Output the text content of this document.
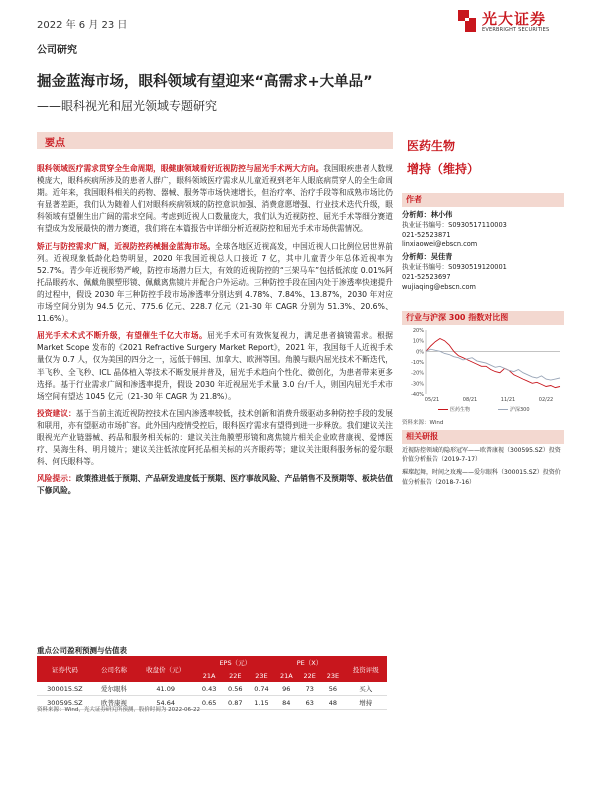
2022 年 6 月 23 日	光大证券
EVERBRIGHT SECURITIES
公司研究
掘金蓝海市场，眼科领域有望迎来“高需求+大单品”
——眼科视光和屈光领域专题研究
要点

眼科领域医疗需求贯穿全生命周期，眼健康领域看好近视防控与屈光手术两大方向。我国眼疾患者人数规模庞大，眼科疾病所涉及的患者人群广，眼科领域医疗需求从儿童近视到老年人眼底病贯穿人的全生命周期。近年来，我国眼科相关的药物、器械、服务等市场快速增长，但治疗率、治疗手段等和成熟市场比仍有显著差距，我们认为随着人们对眼科疾病领域的防控意识加强、消费意愿增强、行业技术迭代升级，眼科领域有望催生出广阔的需求空间。考虑到近视人口数量庞大，我们认为近视防控、屈光手术等细分赛道有望成为发展最快的潜力赛道，我们将在本篇报告中详细分析近视防控和屈光手术市场供需情况。

矫正与防控需求广阔，近视防控药械掘金蓝海市场。全球各地区近视高发，中国近视人口比例位居世界前列。近视现象低龄化趋势明显，2020 年我国近视总人口接近 7 亿，其中儿童青少年总体近视率为 52.7%。青少年近视形势严峻，防控市场潜力巨大，有效的近视防控的“三架马车”包括低浓度 0.01%阿托品眼药水、佩戴角膜塑形镜、佩戴离焦镜片并配合户外运动。三种防控手段在国内处于渗透率快速提升的过程中，假设 2030 年三种防控手段市场渗透率分别达到 4.78%、7.84%、13.87%，2030 年对应市场空间分别为 94.5 亿元、775.6 亿元、228.7 亿元（21-30 年 CAGR 分别为 51.3%、20.6%、11.6%）。

屈光手术术式不断升级，有望催生千亿大市场。屈光手术可有效恢复视力，满足患者摘镜需求。根据 Market Scope 发布的《2021 Refractive Surgery Market Report》，2021 年，我国每千人近视手术量仅为 0.7 人，仅为美国的四分之一，远低于韩国、加拿大、欧洲等国。角膜与眼内屈光技术不断迭代，半飞秒、全飞秒、ICL 晶体植入等技术不断发展并普及，屈光手术趋向个性化、微创化，为患者带来更多选择。基于行业需求广阔和渗透率提升，假设 2030 年近视屈光手术量 3.0 台/千人，则国内屈光手术市场空间有望达 1045 亿元（21-30 年 CAGR 为 21.8%）。

投资建议：基于当前主流近视防控技术在国内渗透率较低，技术创新和消费升级驱动多种防控手段的发展和联用，亦有望驱动市场扩容。此外国内疫情受控后，眼科医疗需求有望得到进一步释放。我们建议关注眼视光产业链器械、药品和服务相关标的：建议关注角膜塑形镜和离焦镜片相关企业欧普康视、爱博医疗、昊海生科、明月镜片；建议关注低浓度阿托品相关标的兴齐眼药等；建议关注眼科服务标的爱尔眼科、何氏眼科等。

风险提示：政策推进低于预期、产品研发进度低于预期、医疗事故风险、产品销售不及预期等、板块估值下修风险。

医药生物
增持（维持）
作者
分析师：林小伟
执业证书编号：S0930517110003
021-52523871
linxiaowei@ebscn.com
分析师：吴佳青
执业证书编号：S0930519120001
021-52523697
wujiaqing@ebscn.com
行业与沪深 300 指数对比图
20%
10%
0%
-10%
-20%
-30%
-40%
05/21	08/21	11/21	02/22
医药生物	沪深300
资料来源：Wind
相关研报
近视防控领域的隐形冠军——欧普康视（300595.SZ）投资价值分析报告（2019-7-17）
璀璨起舞，时间之玫瑰——爱尔眼科（300015.SZ）投资价值分析报告（2018-7-16）
重点公司盈利预测与估值表
证券代码	公司名称	收盘价（元）	EPS（元）			PE（X）			投资评级
			21A	22E	23E	21A	22E	23E	
300015.SZ	爱尔眼科	41.09	0.43	0.56	0.74	96	73	56	买入
300595.SZ	欧普康视	54.64	0.65	0.87	1.15	84	63	48	增持
资料来源：Wind，光大证券研究所预测，股价时间为 2022-06-22
